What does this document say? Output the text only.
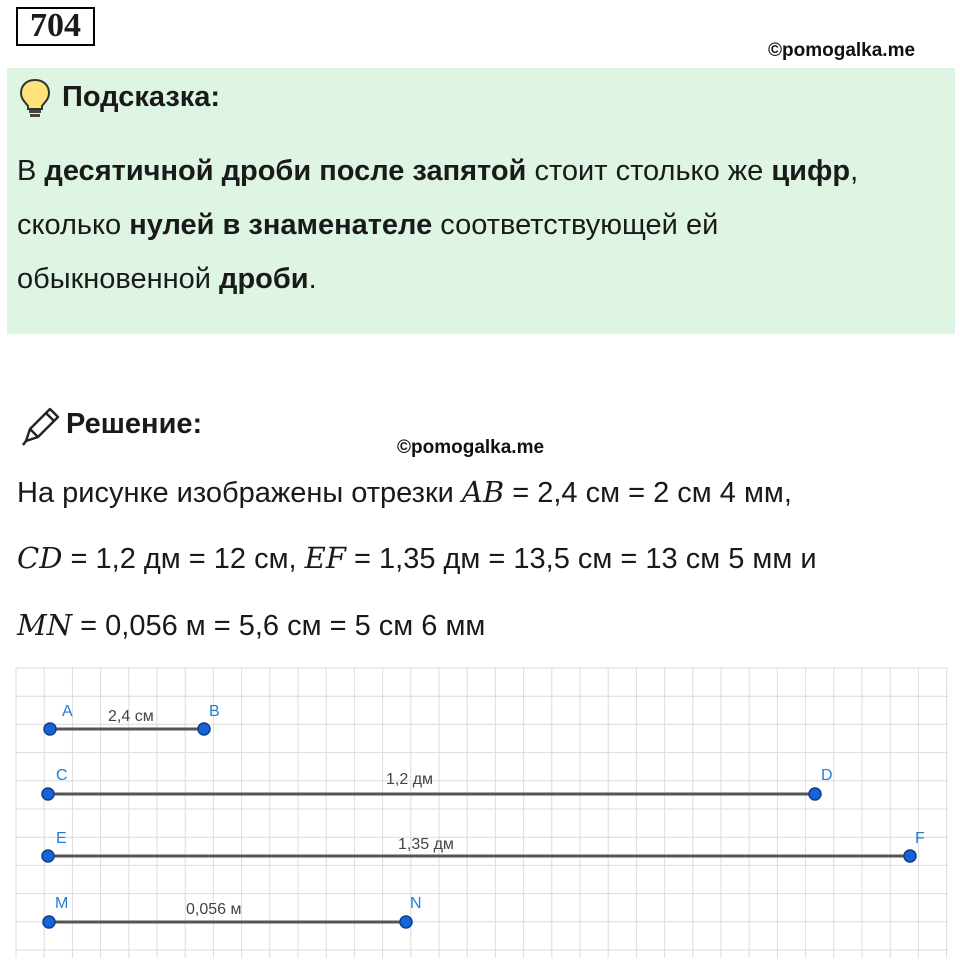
704
©pomogalka.me
Подсказка:
В десятичной дроби после запятой стоит столько же цифр,
сколько нулей в знаменателе соответствующей ей
обыкновенной дроби.
Решение:
©pomogalka.me
На рисунке изображены отрезки AB = 2,4 см = 2 см 4 мм,
CD = 1,2 дм = 12 см, EF = 1,35 дм = 13,5 см = 13 см 5 мм и
MN = 0,056 м = 5,6 см = 5 см 6 мм
A	B
2,4 см
C	D
1,2 дм
E	F
1,35 дм
M	N
0,056 м
